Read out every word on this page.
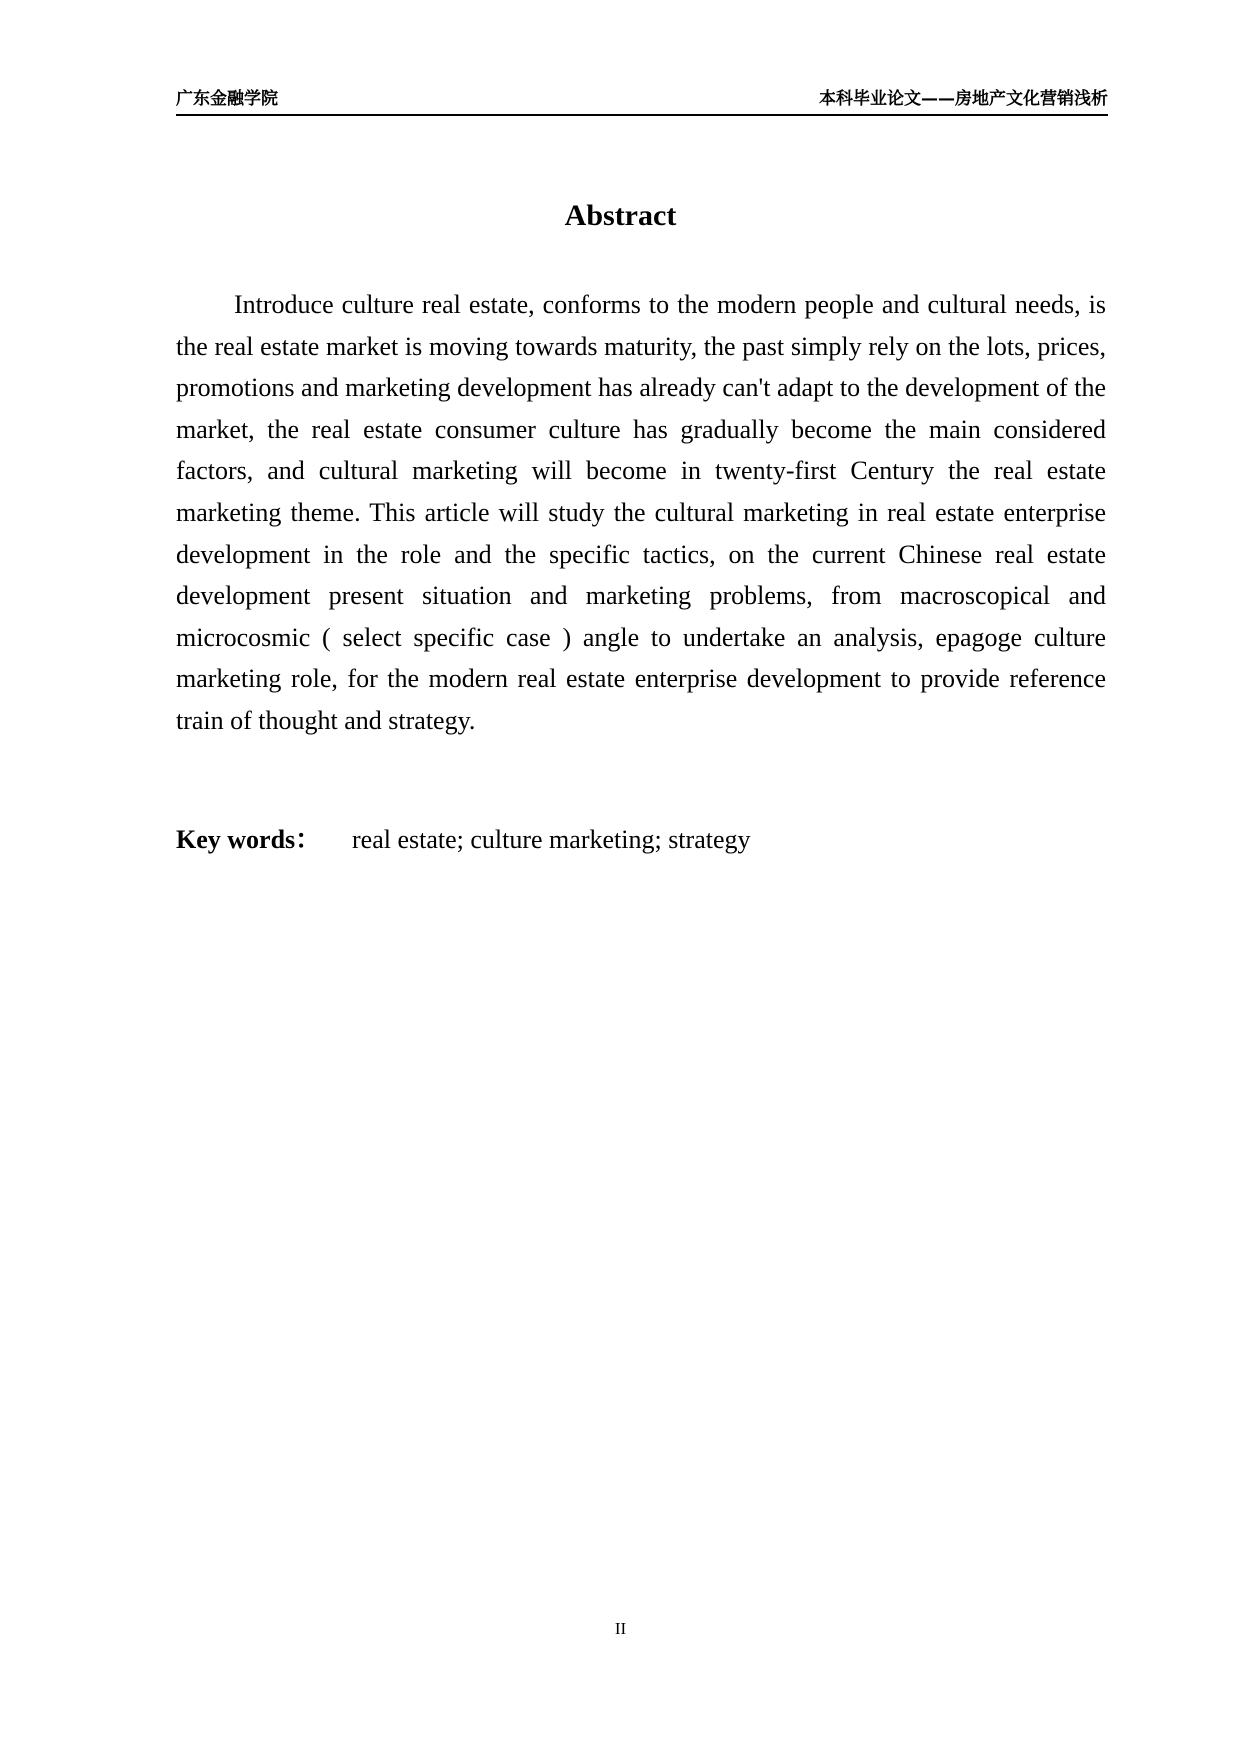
广东金融学院	本科毕业论文——房地产文化营销浅析
Abstract

Introduce culture real estate, conforms to the modern people and cultural needs, is the real estate market is moving towards maturity, the past simply rely on the lots, prices, promotions and marketing development has already can't adapt to the development of the market, the real estate consumer culture has gradually become the main considered factors, and cultural marketing will become in twenty-first Century the real estate marketing theme. This article will study the cultural marketing in real estate enterprise development in the role and the specific tactics, on the current Chinese real estate development present situation and marketing problems, from macroscopical and microcosmic ( select specific case ) angle to undertake an analysis, epagoge culture marketing role, for the modern real estate enterprise development to provide reference train of thought and strategy.

Key words： real estate; culture marketing; strategy
II
